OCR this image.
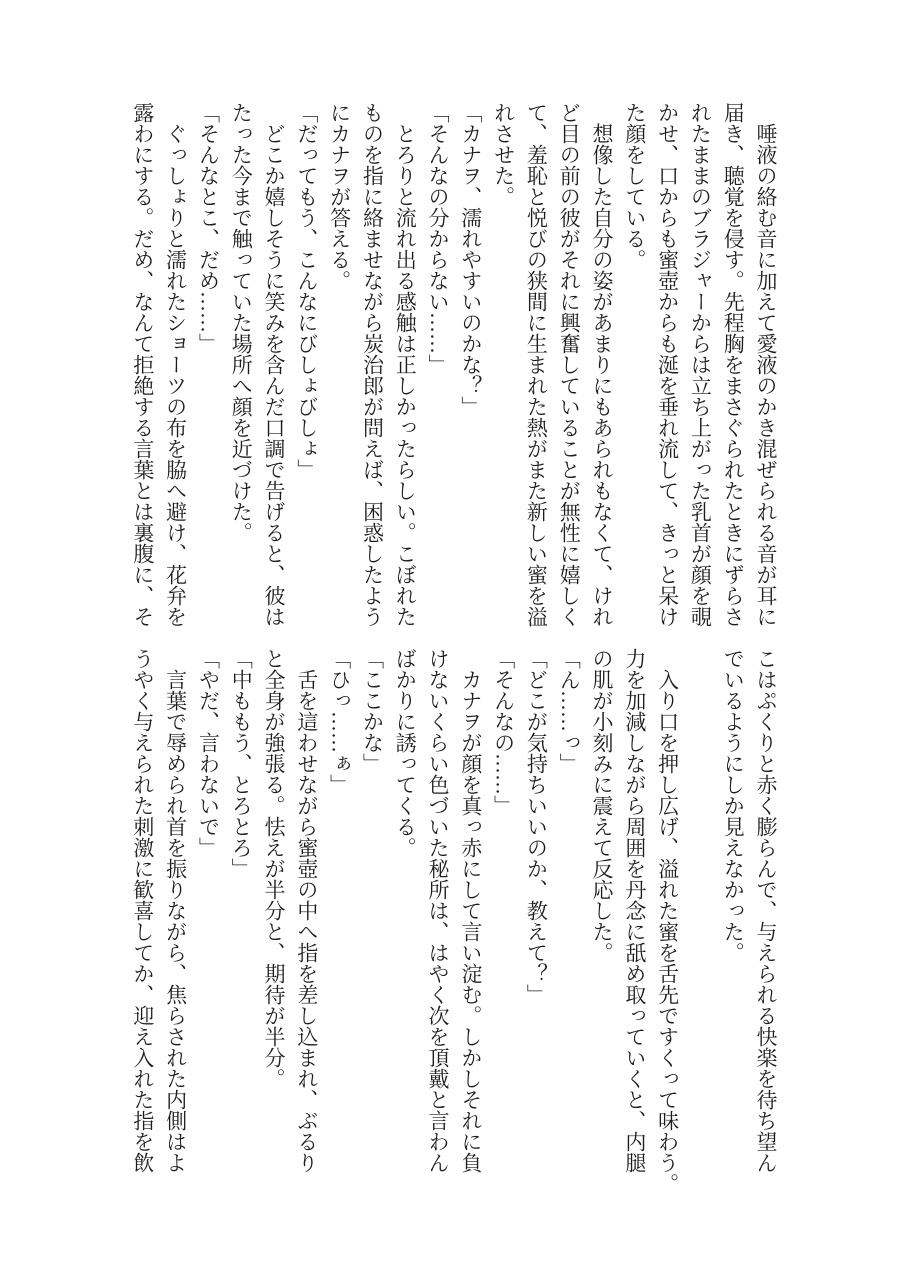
　唾液の絡む音に加えて愛液のかき混ぜられる音が耳に

届き、聴覚を侵す。先程胸をまさぐられたときにずらさ

れたままのブラジャーからは立ち上がった乳首が顔を覗

かせ、口からも蜜壺からも涎を垂れ流して、きっと呆け

た顔をしている。

　想像した自分の姿があまりにもあられもなくて、けれ

ど目の前の彼がそれに興奮していることが無性に嬉しく

て、羞恥と悦びの狭間に生まれた熱がまた新しい蜜を溢

れさせた。

「カナヲ、濡れやすいのかな？」

「そんなの分からない……」

　とろりと流れ出る感触は正しかったらしい。こぼれた

ものを指に絡ませながら炭治郎が問えば、困惑したよう

にカナヲが答える。

「だってもう、こんなにびしょびしょ」

　どこか嬉しそうに笑みを含んだ口調で告げると、彼は

たった今まで触っていた場所へ顔を近づけた。

「そんなとこ、だめ……」

　ぐっしょりと濡れたショーツの布を脇へ避け、花弁を

露わにする。だめ、なんて拒絶する言葉とは裏腹に、そ

こはぷくりと赤く膨らんで、与えられる快楽を待ち望ん

でいるようにしか見えなかった。

　入り口を押し広げ、溢れた蜜を舌先ですくって味わう。

力を加減しながら周囲を丹念に舐め取っていくと、内腿

の肌が小刻みに震えて反応した。

「ん……っ」

「どこが気持ちいいのか、教えて？」

「そんなの……」

　カナヲが顔を真っ赤にして言い淀む。しかしそれに負

けないくらい色づいた秘所は、はやく次を頂戴と言わん

ばかりに誘ってくる。

「ここかな」

「ひっ……ぁ」

　舌を這わせながら蜜壺の中へ指を差し込まれ、ぶるり

と全身が強張る。怯えが半分と、期待が半分。

「中ももう、とろとろ」

「やだ、言わないで」

　言葉で辱められ首を振りながら、焦らされた内側はよ

うやく与えられた刺激に歓喜してか、迎え入れた指を飲
